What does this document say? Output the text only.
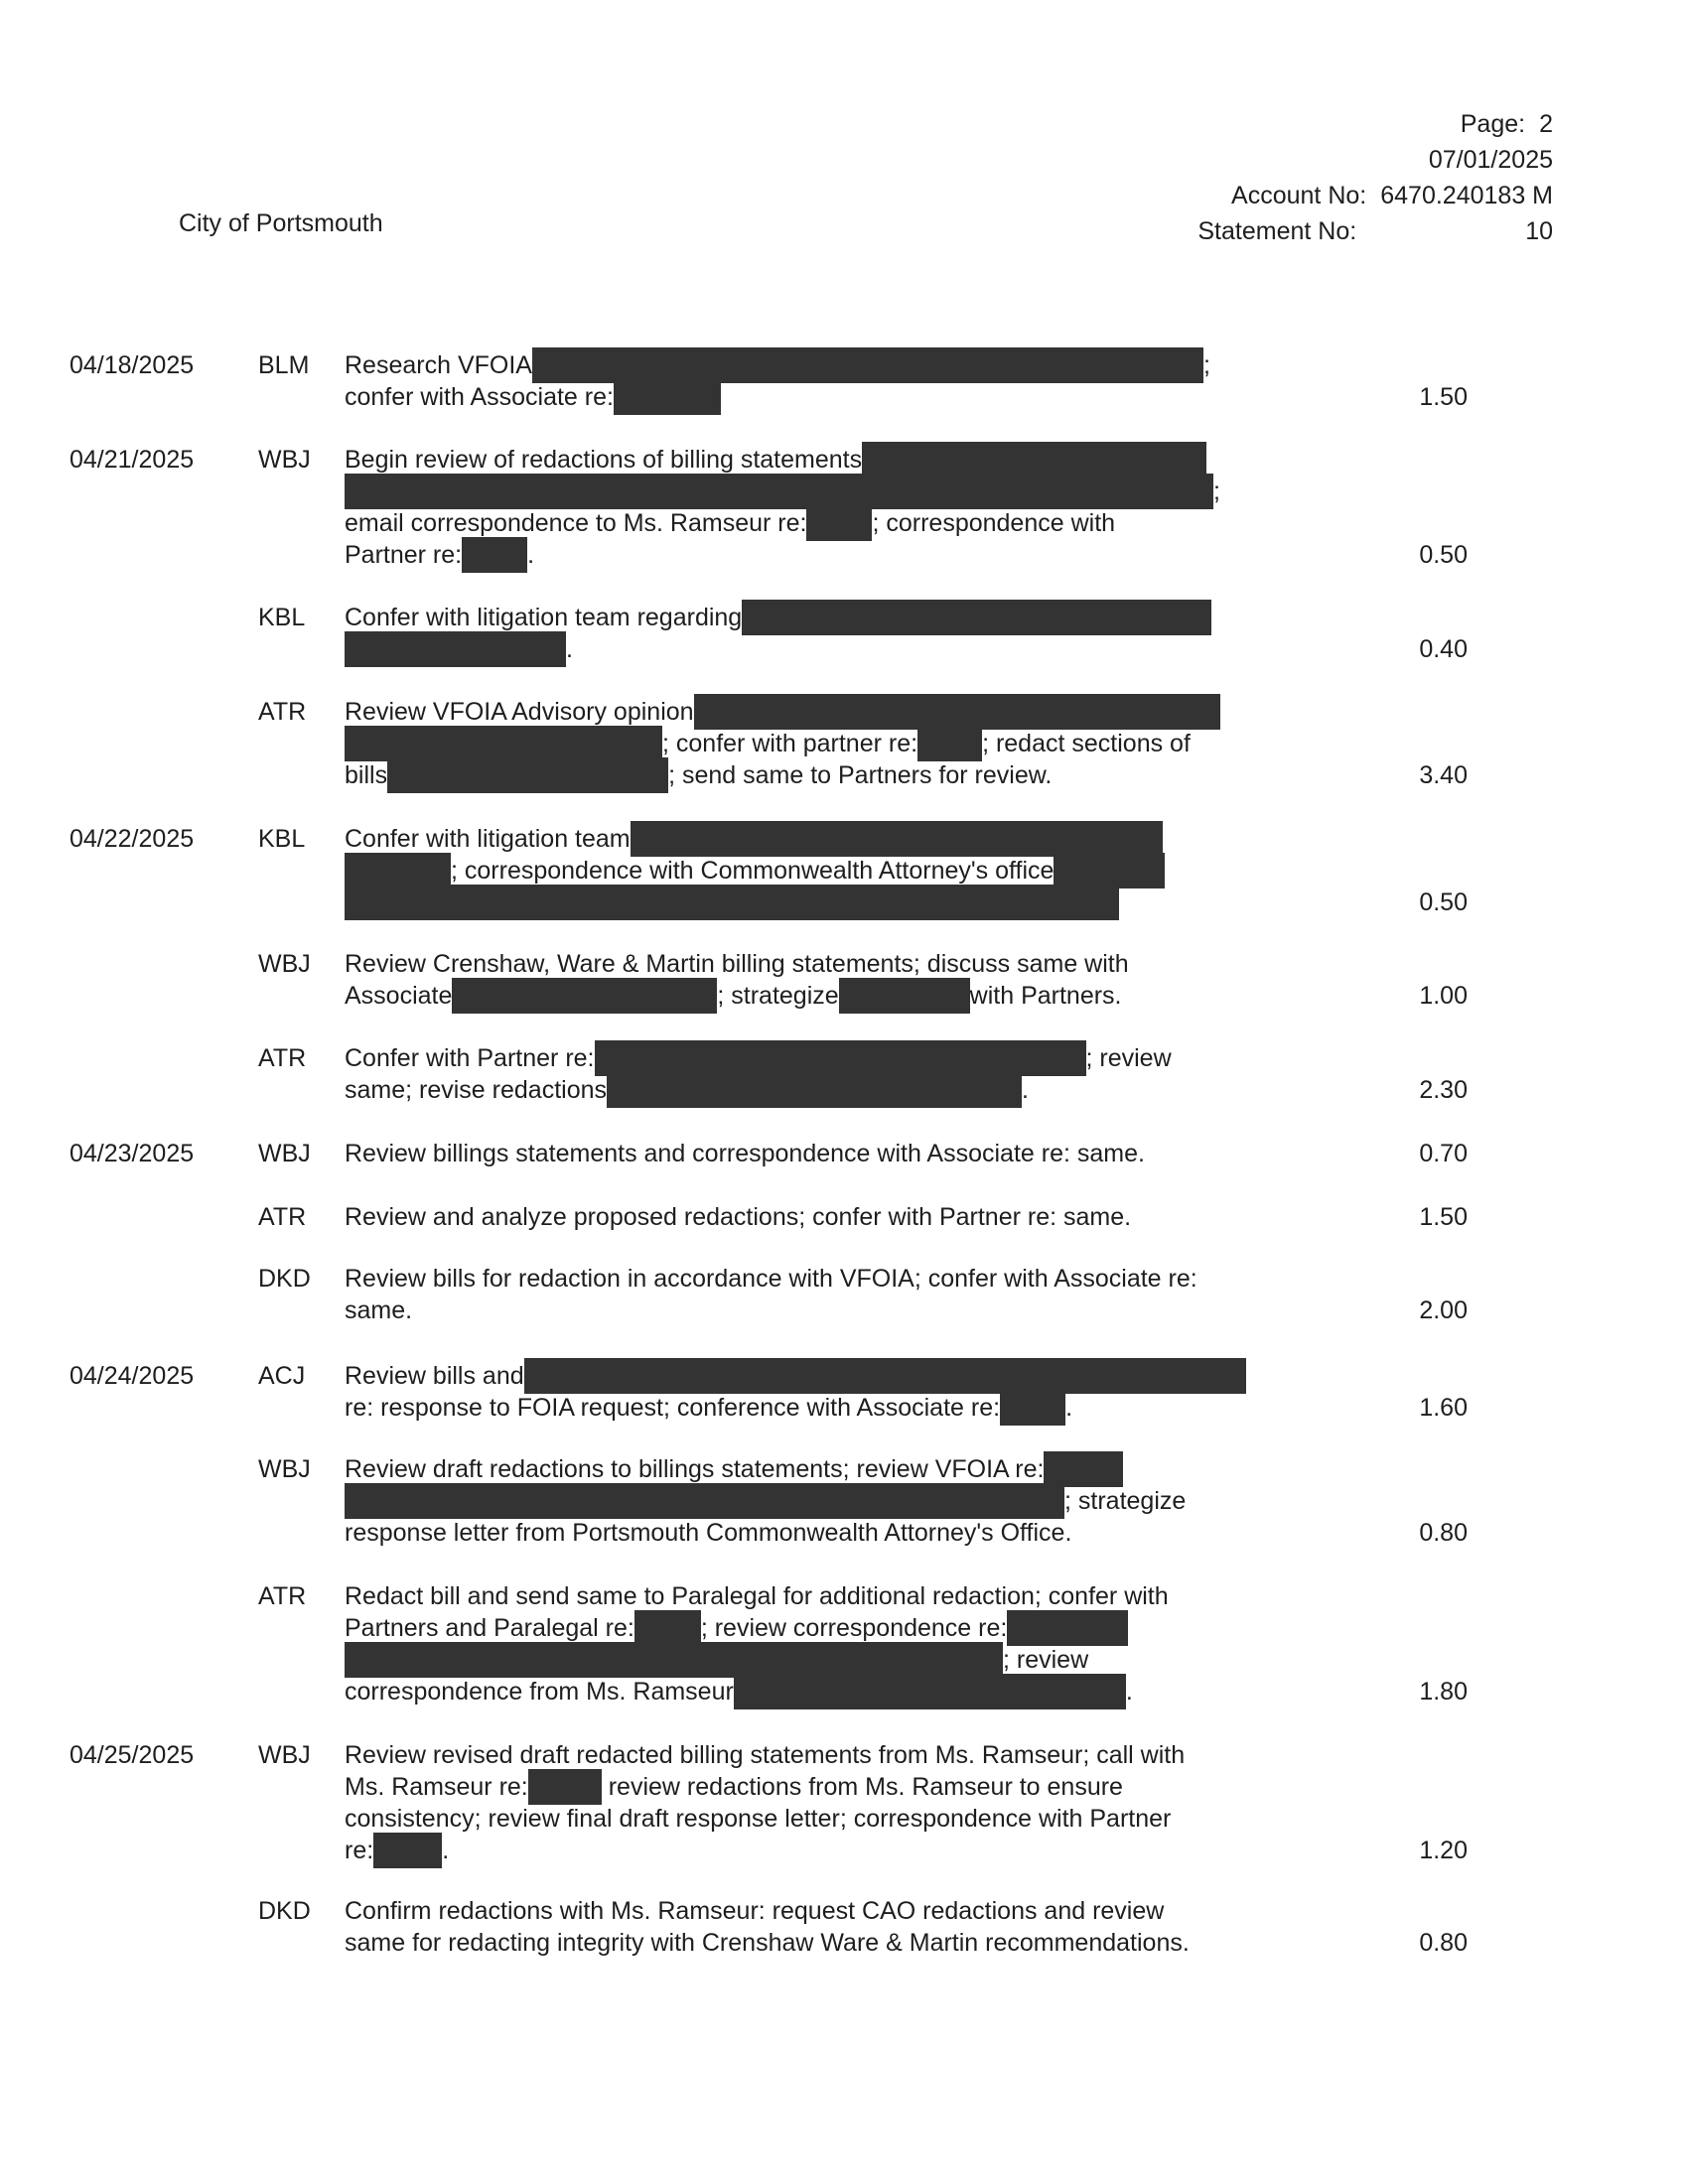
Page: 2
07/01/2025
Account No: 6470.240183 M
Statement No:	10
City of Portsmouth
04/18/2025	BLM Research VFOIA	;
confer with Associate re:	1.50
04/21/2025	WBJ Begin review of redactions of billing statements
;
email correspondence to Ms. Ramseur re:	; correspondence with
Partner re:	.	0.50
KBL Confer with litigation team regarding
.	0.40
ATR Review VFOIA Advisory opinion
; confer with partner re:	; redact sections of
bills	; send same to Partners for review.	3.40
04/22/2025	KBL Confer with litigation team
; correspondence with Commonwealth Attorney's office
0.50
WBJ Review Crenshaw, Ware & Martin billing statements; discuss same with
Associate	; strategize	with Partners.	1.00
ATR Confer with Partner re:	; review
same; revise redactions	.	2.30
04/23/2025	WBJ Review billings statements and correspondence with Associate re: same.	0.70
ATR Review and analyze proposed redactions; confer with Partner re: same.	1.50
DKD Review bills for redaction in accordance with VFOIA; confer with Associate re:
same.	2.00
04/24/2025	ACJ Review bills and
re: response to FOIA request; conference with Associate re:	.	1.60
WBJ Review draft redactions to billings statements; review VFOIA re:
; strategize
response letter from Portsmouth Commonwealth Attorney's Office.	0.80
ATR Redact bill and send same to Paralegal for additional redaction; confer with
Partners and Paralegal re:	; review correspondence re:
; review
correspondence from Ms. Ramseur	.	1.80
04/25/2025	WBJ Review revised draft redacted billing statements from Ms. Ramseur; call with
Ms. Ramseur re:	review redactions from Ms. Ramseur to ensure
consistency; review final draft response letter; correspondence with Partner
re:	.	1.20
DKD Confirm redactions with Ms. Ramseur: request CAO redactions and review
same for redacting integrity with Crenshaw Ware & Martin recommendations.	0.80
